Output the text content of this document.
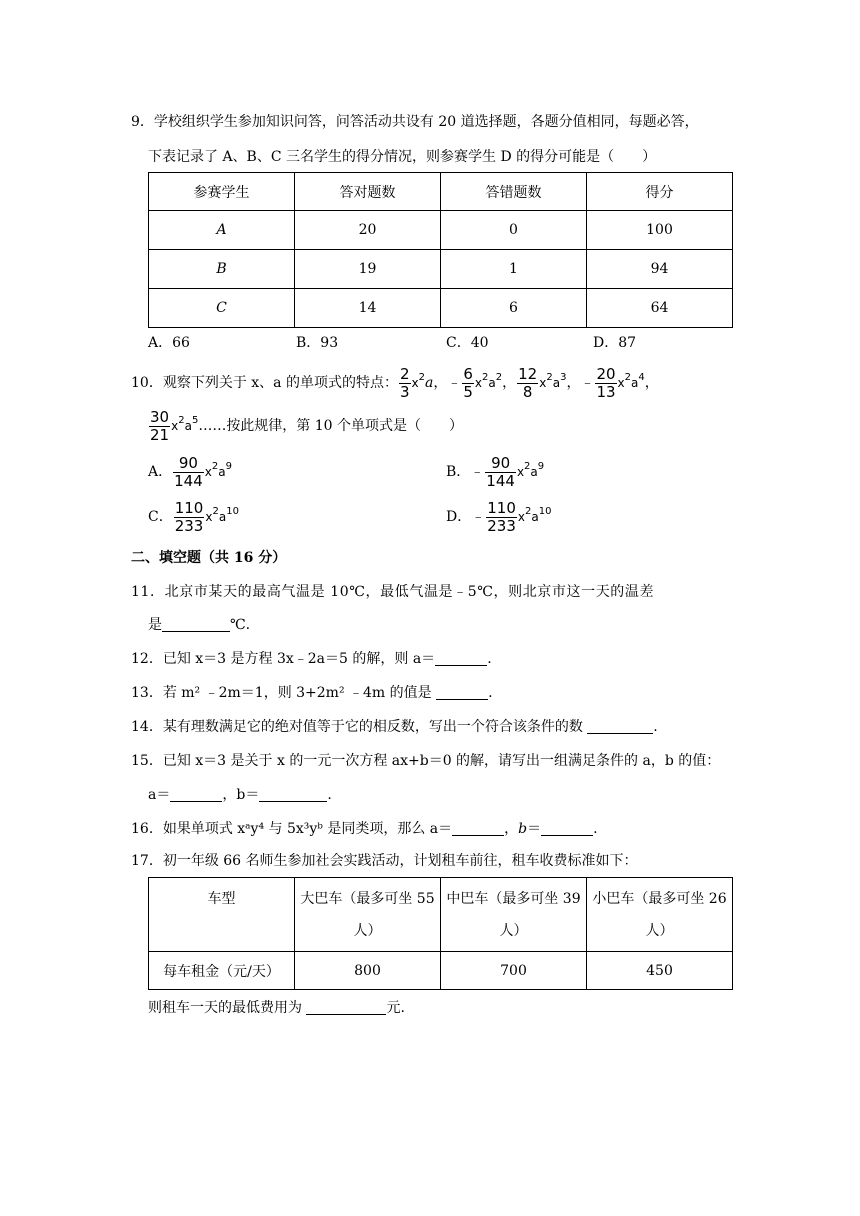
9．学校组织学生参加知识问答，问答活动共设有 20 道选择题，各题分值相同，每题必答，
下表记录了 A、B、C 三名学生的得分情况，则参赛学生 D 的得分可能是（　　）
参赛学生	答对题数	答错题数	得分
A	20	0	100
B	19	1	94
C	14	6	64
A．66	B．93	C．40	D．87
10．观察下列关于 x、a 的单项式的特点： $\frac{2}{3} x^2a$，﹣ $\frac{6}{5} x^2a^2$， $\frac{12}{8} x^2a^3$，﹣ $\frac{20}{13} x^2a^4$，
$\frac{30}{21}$ $x^2a^5\dots\dots$按此规律，第 10 个单项式是（　　）
A． $\frac{90}{144} x^2a^9$	B．﹣ $\frac{90}{144} x^2a^9$
C． $\frac{110}{233} x^2a^{10}$	D．﹣ $\frac{110}{233} x^2a^{10}$
二、填空题（共 16 分）
11．北京市某天的最高气温是 10℃，最低气温是﹣5℃，则北京市这一天的温差
是	℃.
12．已知 x＝3 是方程 3x﹣2a＝5 的解，则 a＝	.
13．若 m² ﹣2m＝1，则 3+2m² ﹣4m 的值是	.
14．某有理数满足它的绝对值等于它的相反数，写出一个符合该条件的数	.
15．已知 x＝3 是关于 x 的一元一次方程 ax+b＝0 的解，请写出一组满足条件的 a，b 的值：
a＝	，b＝	.
16．如果单项式 xᵃy⁴ 与 5x³yᵇ 是同类项，那么 a＝	，b＝	.
17．初一年级 66 名师生参加社会实践活动，计划租车前往，租车收费标准如下：
车型	大巴车（最多可坐 55 人）	中巴车（最多可坐 39 人）	小巴车（最多可坐 26 人）
每车租金（元/天）	800	700	450
则租车一天的最低费用为	元.
